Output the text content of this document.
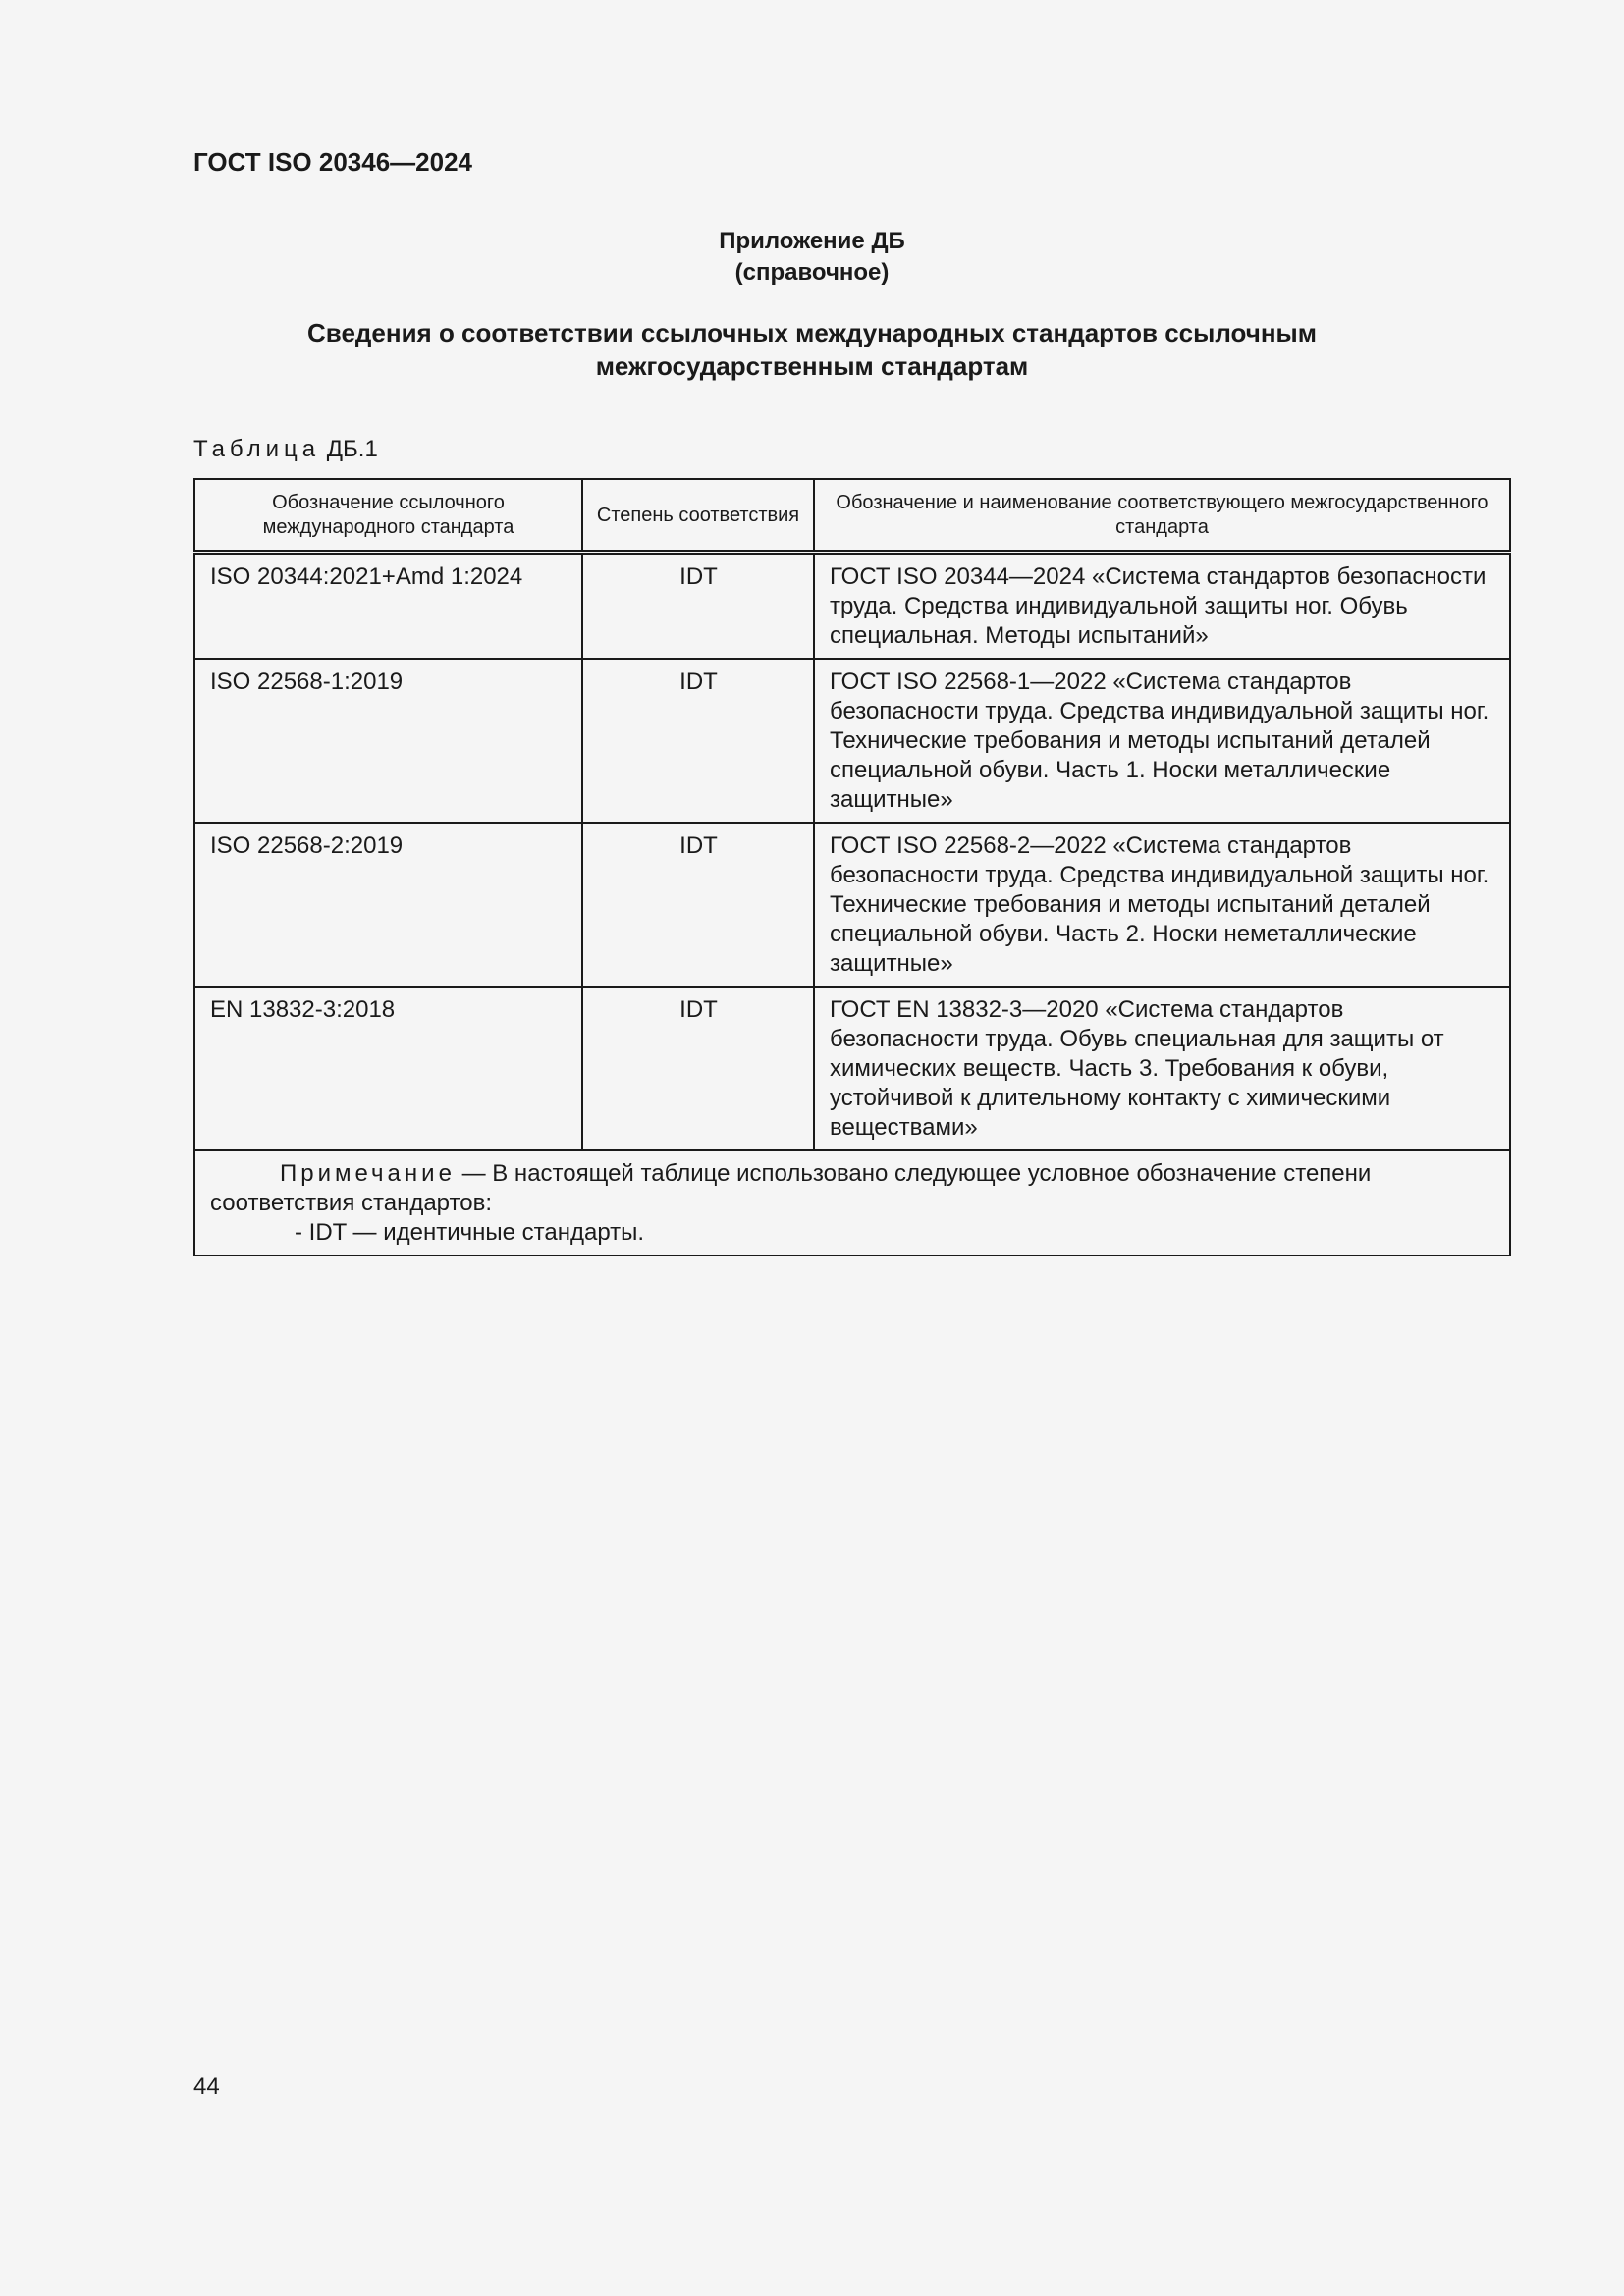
ГОСТ ISO 20346—2024
Приложение ДБ
(справочное)
Сведения о соответствии ссылочных международных стандартов ссылочным межгосударственным стандартам
Таблица ДБ.1
Обозначение ссылочного международного стандарта	Степень соответствия	Обозначение и наименование соответствующего межгосударственного стандарта
ISO 20344:2021+Amd 1:2024	IDT	ГОСТ ISO 20344—2024 «Система стандартов безопасности труда. Средства индивидуальной защиты ног. Обувь специальная. Методы испытаний»
ISO 22568-1:2019	IDT	ГОСТ ISO 22568-1—2022 «Система стандартов безопасности труда. Средства индивидуальной защиты ног. Технические требования и методы испытаний деталей специальной обуви. Часть 1. Носки металлические защитные»
ISO 22568-2:2019	IDT	ГОСТ ISO 22568-2—2022 «Система стандартов безопасности труда. Средства индивидуальной защиты ног. Технические требования и методы испытаний деталей специальной обуви. Часть 2. Носки неметаллические защитные»
EN 13832-3:2018	IDT	ГОСТ EN 13832-3—2020 «Система стандартов безопасности труда. Обувь специальная для защиты от химических веществ. Часть 3. Требования к обуви, устойчивой к длительному контакту с химическими веществами»

Примечание — В настоящей таблице использовано следующее условное обозначение степени соответствия стандартов:
- IDT — идентичные стандарты.		
44
